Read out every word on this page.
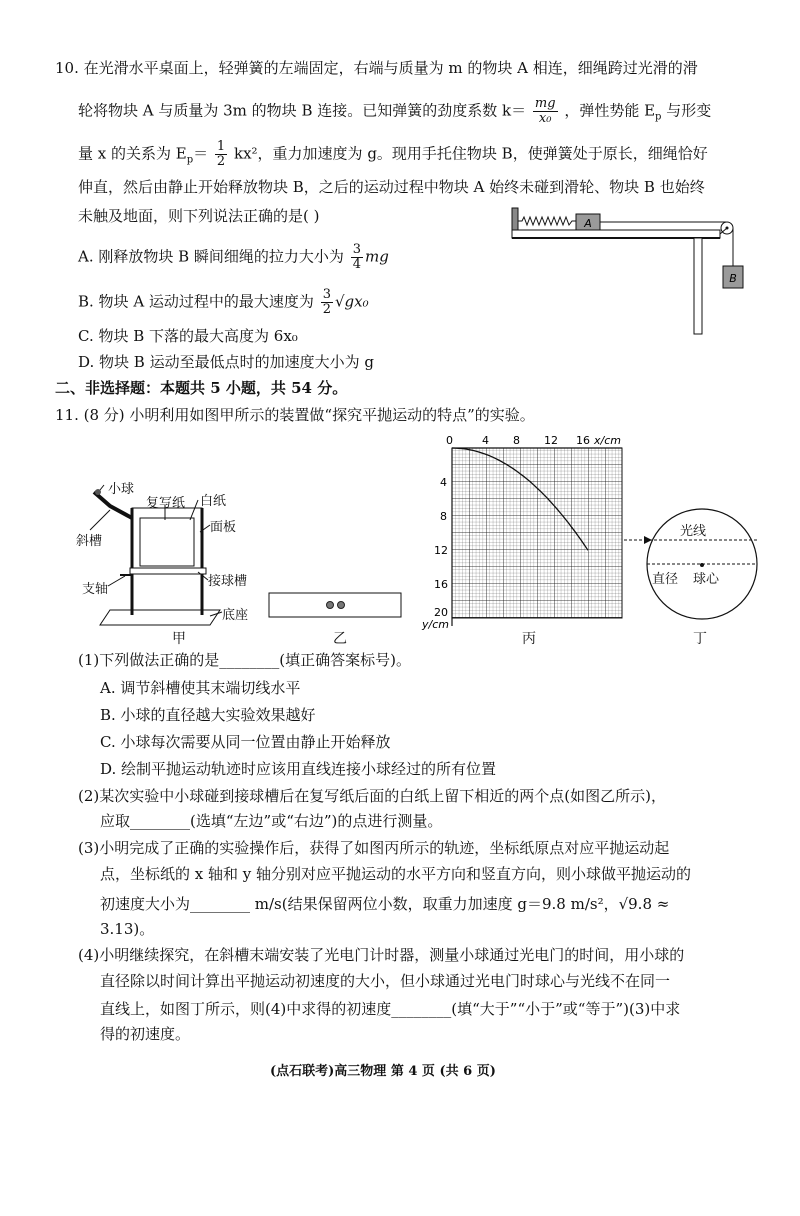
10. 在光滑水平桌面上，轻弹簧的左端固定，右端与质量为 m 的物块 A 相连，细绳跨过光滑的滑
轮将物块 A 与质量为 3m 的物块 B 连接。已知弹簧的劲度系数 $k= \frac{mg}{\text{x₀}}$ ，弹性势能 $E_p$ 与形变
量 x 的关系为 $E_p= \frac{1}{2} kx^2$，重力加速度为 g。现用手托住物块 B，使弹簧处于原长，细绳恰好
伸直，然后由静止开始释放物块 B，之后的运动过程中物块 A 始终未碰到滑轮、物块 B 也始终
未触及地面，则下列说法正确的是( )
A. 刚释放物块 B 瞬间细绳的拉力大小为 $\frac{3}{4}$ mg
B. 物块 A 运动过程中的最大速度为 $\frac{3}{2} √gx_0$
C. 物块 B 下落的最大高度为 6x₀
D. 物块 B 运动至最低点时的加速度大小为 g
A
B
二、非选择题：本题共 5 小题，共 54 分。
11. (8 分) 小明利用如图甲所示的装置做“探究平抛运动的特点”的实验。
小球
复写纸 白纸
面板
斜槽
支轴
接球槽
底座
甲	乙
0	4 8 12 16 x/cm
4
8
12
16
20
y/cm
丙
光线
直径 球心
丁
(1)下列做法正确的是________(填正确答案标号)。
A. 调节斜槽使其末端切线水平
B. 小球的直径越大实验效果越好
C. 小球每次需要从同一位置由静止开始释放
D. 绘制平抛运动轨迹时应该用直线连接小球经过的所有位置
(2)某次实验中小球碰到接球槽后在复写纸后面的白纸上留下相近的两个点(如图乙所示)，
应取________(选填“左边”或“右边”)的点进行测量。
(3)小明完成了正确的实验操作后，获得了如图丙所示的轨迹，坐标纸原点对应平抛运动起
点，坐标纸的 x 轴和 y 轴分别对应平抛运动的水平方向和竖直方向，则小球做平抛运动的
初速度大小为________ m/s(结果保留两位小数，取重力加速度 g＝9.8 m/s²，√9.8 ≈
3.13)。
(4)小明继续探究，在斜槽末端安装了光电门计时器，测量小球通过光电门的时间，用小球的
直径除以时间计算出平抛运动初速度的大小，但小球通过光电门时球心与光线不在同一
直线上，如图丁所示，则(4)中求得的初速度________(填“大于”“小于”或“等于”)(3)中求
得的初速度。
(点石联考)高三物理 第 4 页 (共 6 页)
